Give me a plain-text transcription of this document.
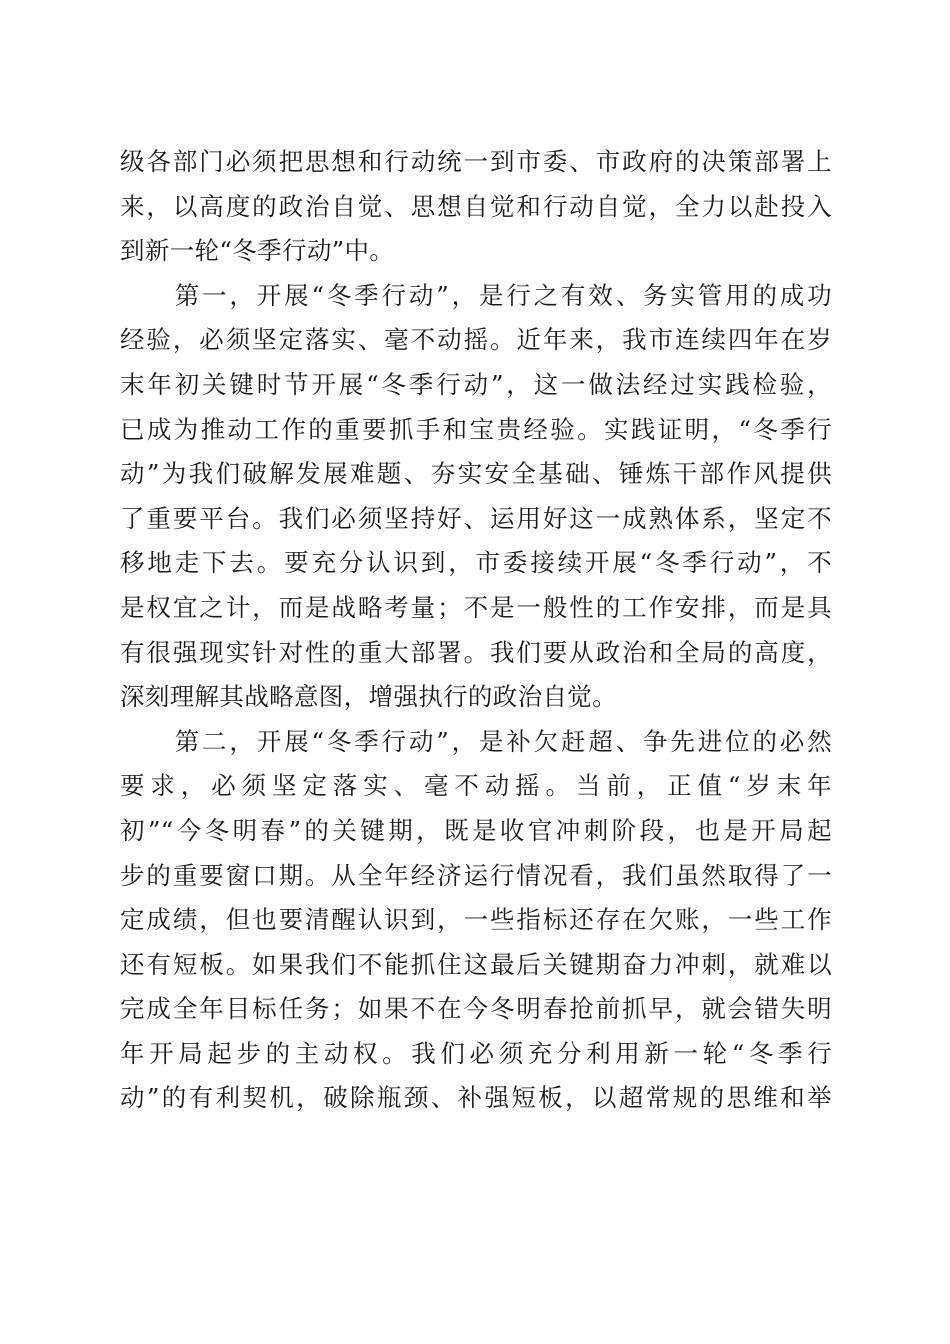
级各部门必须把思想和行动统一到市委、市政府的决策部署上
来，以高度的政治自觉、思想自觉和行动自觉，全力以赴投入
到新一轮“冬季行动”中。
　　第一，开展“冬季行动”，是行之有效、务实管用的成功
经验，必须坚定落实、毫不动摇。近年来，我市连续四年在岁
末年初关键时节开展“冬季行动”，这一做法经过实践检验，
已成为推动工作的重要抓手和宝贵经验。实践证明，“冬季行
动”为我们破解发展难题、夯实安全基础、锤炼干部作风提供
了重要平台。我们必须坚持好、运用好这一成熟体系，坚定不
移地走下去。要充分认识到，市委接续开展“冬季行动”，不
是权宜之计，而是战略考量；不是一般性的工作安排，而是具
有很强现实针对性的重大部署。我们要从政治和全局的高度，
深刻理解其战略意图，增强执行的政治自觉。
　　第二，开展“冬季行动”，是补欠赶超、争先进位的必然
要求，必须坚定落实、毫不动摇。当前，正值“岁末年
初”“今冬明春”的关键期，既是收官冲刺阶段，也是开局起
步的重要窗口期。从全年经济运行情况看，我们虽然取得了一
定成绩，但也要清醒认识到，一些指标还存在欠账，一些工作
还有短板。如果我们不能抓住这最后关键期奋力冲刺，就难以
完成全年目标任务；如果不在今冬明春抢前抓早，就会错失明
年开局起步的主动权。我们必须充分利用新一轮“冬季行
动”的有利契机，破除瓶颈、补强短板，以超常规的思维和举
